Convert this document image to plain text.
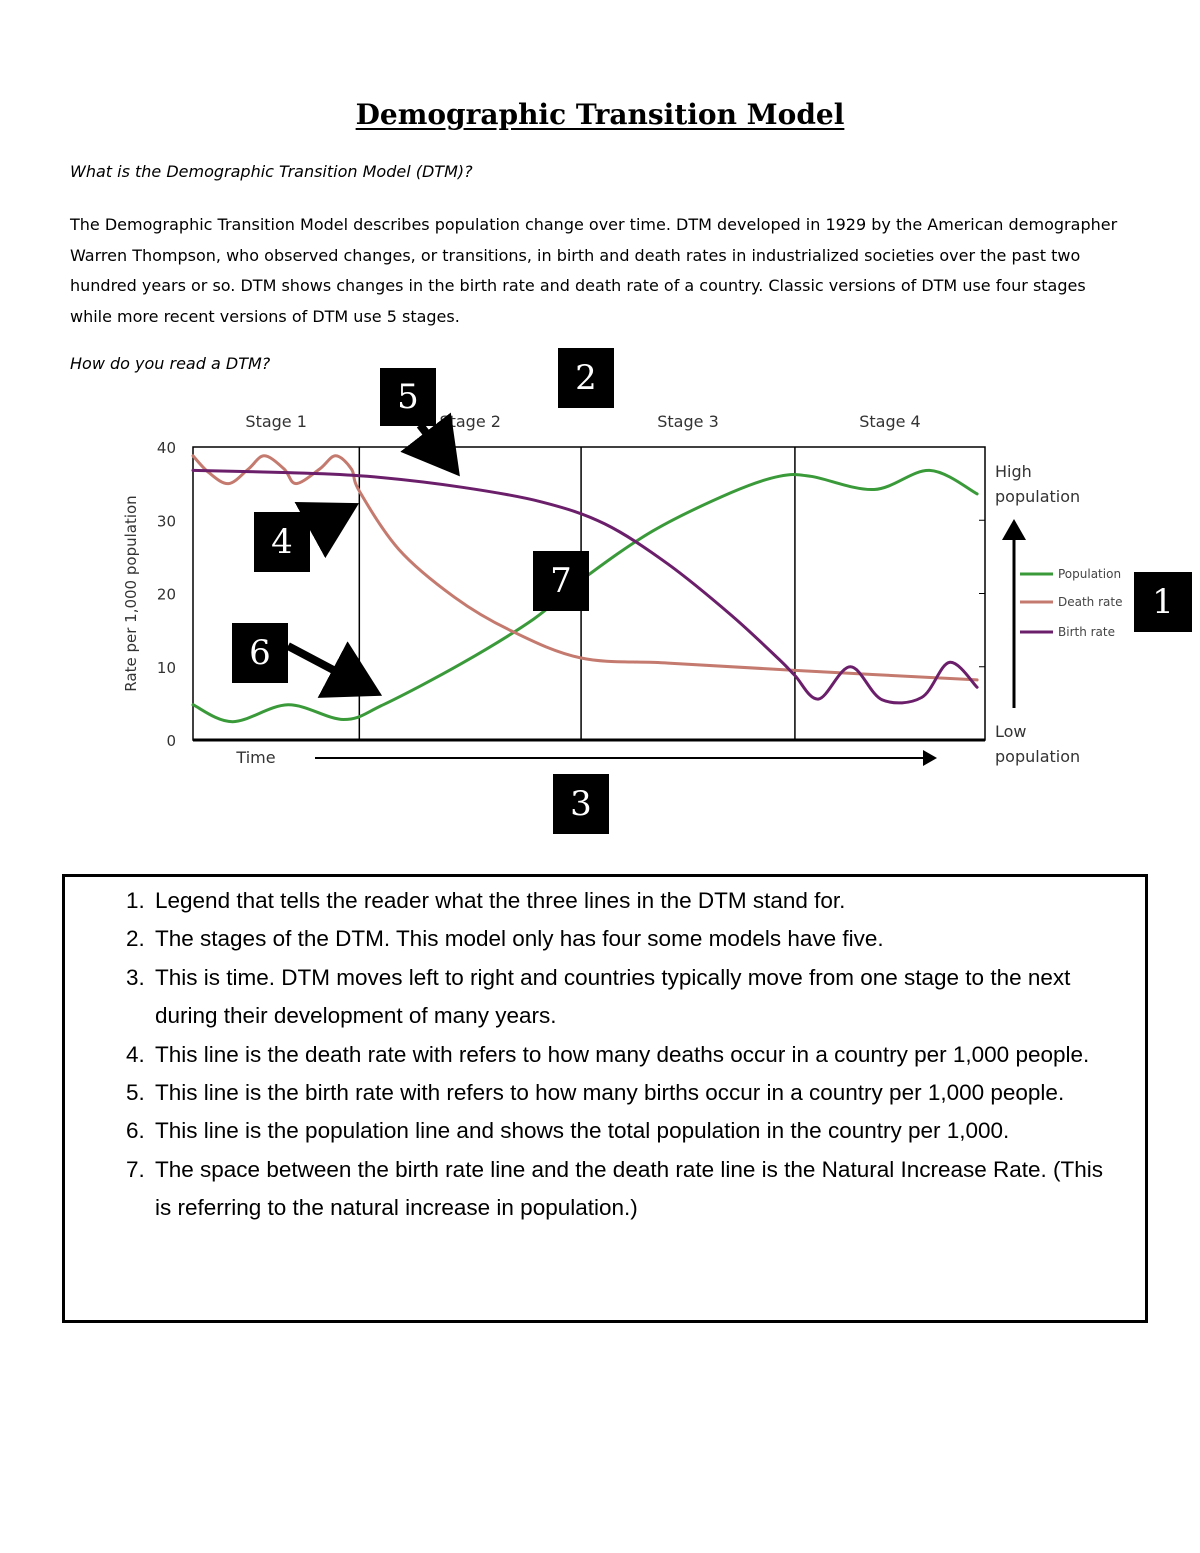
Demographic Transition Model

What is the Demographic Transition Model (DTM)?

The Demographic Transition Model describes population change over time. DTM developed in 1929 by the American demographer Warren Thompson, who observed changes, or transitions, in birth and death rates in industrialized societies over the past two hundred years or so. DTM shows changes in the birth rate and death rate of a country. Classic versions of DTM use four stages while more recent versions of DTM use 5 stages.

How do you read a DTM?

0
10
20
30
40
Stage 1	Stage 2	Stage 3	Stage 4
Rate per 1,000 population
Time
Population
Death rate
Birth rate
High population
Low population
1
2
3
4
5
6
7
1. Legend that tells the reader what the three lines in the DTM stand for.
2. The stages of the DTM. This model only has four some models have five.
3. This is time. DTM moves left to right and countries typically move from one stage to the next during their development of many years.
4. This line is the death rate with refers to how many deaths occur in a country per 1,000 people.
5. This line is the birth rate with refers to how many births occur in a country per 1,000 people.
6. This line is the population line and shows the total population in the country per 1,000.
7. The space between the birth rate line and the death rate line is the Natural Increase Rate. (This is referring to the natural increase in population.)
